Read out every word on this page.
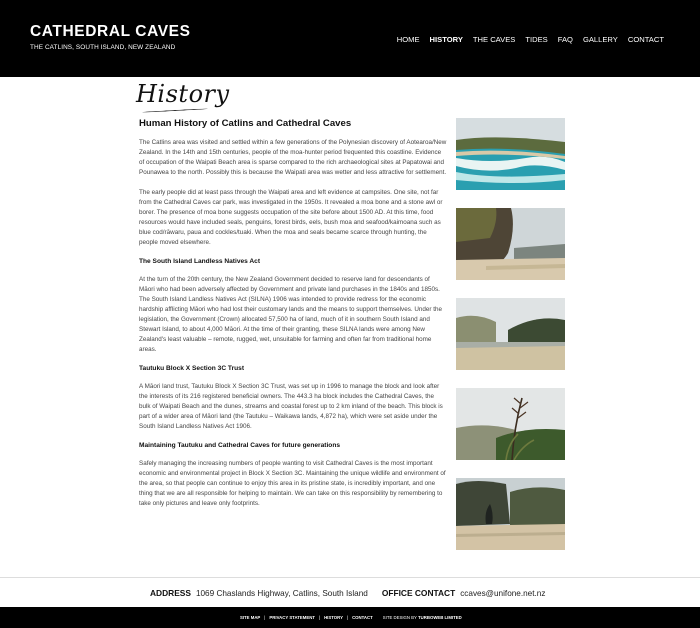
CATHEDRAL CAVES
THE CATLINS, SOUTH ISLAND, NEW ZEALAND
HOME HISTORY THE CAVES TIDES FAQ GALLERY CONTACT
History
Human History of Catlins and Cathedral Caves

The Catlins area was visited and settled within a few generations of the Polynesian discovery of Aotearoa/New Zealand. In the 14th and 15th centuries, people of the moa-hunter period frequented this coastline. Evidence of occupation of the Waipati Beach area is sparse compared to the rich archaeological sites at Papatowai and Pounawea to the north. Possibly this is because the Waipati area was wetter and less attractive for settlement.

The early people did at least pass through the Waipati area and left evidence at campsites. One site, not far from the Cathedral Caves car park, was investigated in the 1950s. It revealed a moa bone and a stone awl or borer. The presence of moa bone suggests occupation of the site before about 1500 AD. At this time, food resources would have included seals, penguins, forest birds, eels, bush moa and seafood/kaimoana such as blue cod/rāwaru, paua and cockles/tuaki. When the moa and seals became scarce through hunting, the people moved elsewhere.

The South Island Landless Natives Act

At the turn of the 20th century, the New Zealand Government decided to reserve land for descendants of Māori who had been adversely affected by Government and private land purchases in the 1840s and 1850s. The South Island Landless Natives Act (SILNA) 1906 was intended to provide redress for the economic hardship afflicting Māori who had lost their customary lands and the means to support themselves. Under the legislation, the Government (Crown) allocated 57,500 ha of land, much of it in southern South Island and Stewart Island, to about 4,000 Māori. At the time of their granting, these SILNA lands were among New Zealand's least valuable – remote, rugged, wet, unsuitable for farming and often far from traditional home areas.

Tautuku Block X Section 3C Trust

A Māori land trust, Tautuku Block X Section 3C Trust, was set up in 1996 to manage the block and look after the interests of its 216 registered beneficial owners. The 443.3 ha block includes the Cathedral Caves, the bulk of Waipati Beach and the dunes, streams and coastal forest up to 2 km inland of the beach. This block is part of a wider area of Māori land (the Tautuku – Waikawa lands, 4,872 ha), which were set aside under the South Island Landless Natives Act 1906.

Maintaining Tautuku and Cathedral Caves for future generations

Safely managing the increasing numbers of people wanting to visit Cathedral Caves is the most important economic and environmental project in Block X Section 3C. Maintaining the unique wildlife and environment of the area, so that people can continue to enjoy this area in its pristine state, is incredibly important, and one thing that we are all responsible for helping to maintain. We can take on this responsibility by remembering to take only pictures and leave only footprints.

ADDRESS 1069 Chaslands Highway, Catlins, South Island OFFICE CONTACT ccaves@unifone.net.nz
SITE MAP | PRIVACY STATEMENT | HISTORY | CONTACT SITE DESIGN BY TURBOWEB LIMITED
